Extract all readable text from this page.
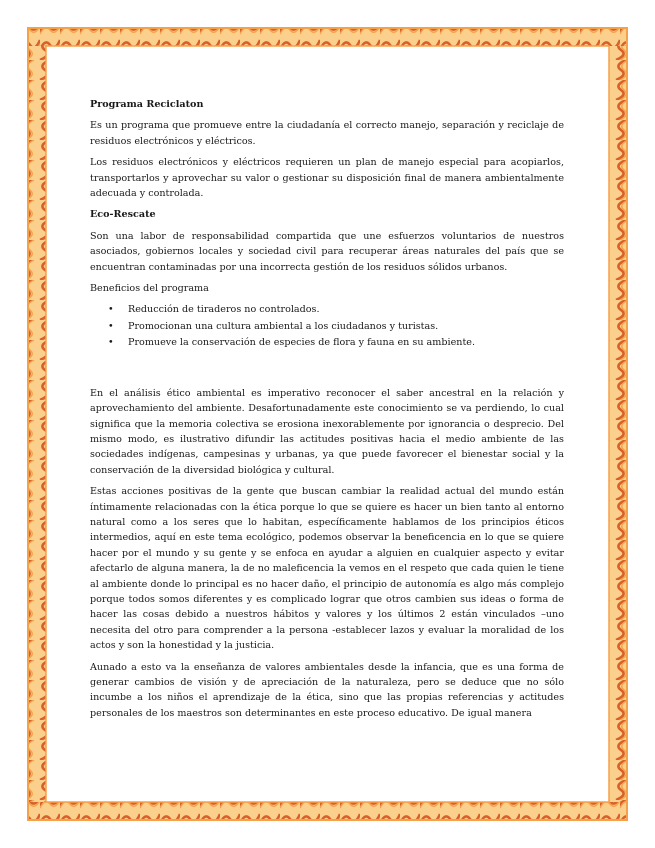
Programa Reciclaton

Es un programa que promueve entre la ciudadanía el correcto manejo, separación y reciclaje de residuos electrónicos y eléctricos.

Los residuos electrónicos y eléctricos requieren un plan de manejo especial para acopiarlos, transportarlos y aprovechar su valor o gestionar su disposición final de manera ambientalmente adecuada y controlada.

Eco-Rescate

Son una labor de responsabilidad compartida que une esfuerzos voluntarios de nuestros asociados, gobiernos locales y sociedad civil para recuperar áreas naturales del país que se encuentran contaminadas por una incorrecta gestión de los residuos sólidos urbanos.

Beneficios del programa

• Reducción de tiraderos no controlados.
• Promocionan una cultura ambiental a los ciudadanos y turistas.
• Promueve la conservación de especies de flora y fauna en su ambiente.

En el análisis ético ambiental es imperativo reconocer el saber ancestral en la relación y aprovechamiento del ambiente. Desafortunadamente este conocimiento se va perdiendo, lo cual significa que la memoria colectiva se erosiona inexorablemente por ignorancia o desprecio. Del mismo modo, es ilustrativo difundir las actitudes positivas hacia el medio ambiente de las sociedades indígenas, campesinas y urbanas, ya que puede favorecer el bienestar social y la conservación de la diversidad biológica y cultural.

Estas acciones positivas de la gente que buscan cambiar la realidad actual del mundo están íntimamente relacionadas con la ética porque lo que se quiere es hacer un bien tanto al entorno natural como a los seres que lo habitan, específicamente hablamos de los principios éticos intermedios, aquí en este tema ecológico, podemos observar la beneficencia en lo que se quiere hacer por el mundo y su gente y se enfoca en ayudar a alguien en cualquier aspecto y evitar afectarlo de alguna manera, la de no maleficencia la vemos en el respeto que cada quien le tiene al ambiente donde lo principal es no hacer daño, el principio de autonomía es algo más complejo porque todos somos diferentes y es complicado lograr que otros cambien sus ideas o forma de hacer las cosas debido a nuestros hábitos y valores y los últimos 2 están vinculados –uno necesita del otro para comprender a la persona -establecer lazos y evaluar la moralidad de los actos y son la honestidad y la justicia.

Aunado a esto va la enseñanza de valores ambientales desde la infancia, que es una forma de generar cambios de visión y de apreciación de la naturaleza, pero se deduce que no sólo incumbe a los niños el aprendizaje de la ética, sino que las propias referencias y actitudes personales de los maestros son determinantes en este proceso educativo. De igual manera
